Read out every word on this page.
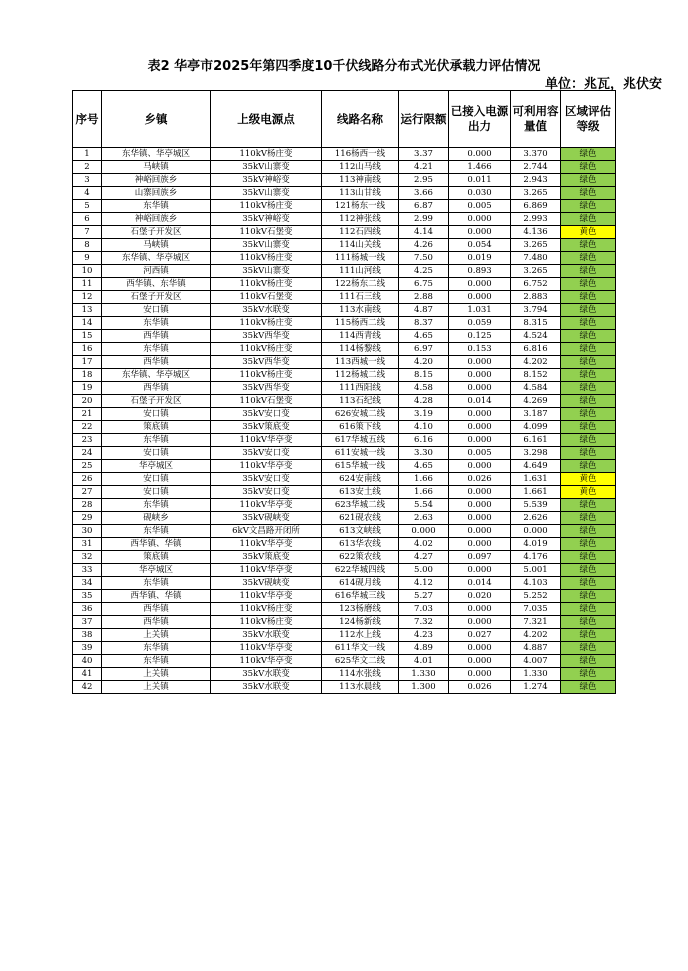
表2 华亭市2025年第四季度10千伏线路分布式光伏承载力评估情况
单位：兆瓦，兆伏安
序号	乡镇	上级电源点	线路名称	运行限额	已接入电源出力	可利用容量值	区域评估等级
1	东华镇、华亭城区	110kV杨庄变	116杨西一线	3.37	0.000	3.370	绿色
2	马峡镇	35kV山寨变	112山马线	4.21	1.466	2.744	绿色
3	神峪回族乡	35kV神峪变	113神南线	2.95	0.011	2.943	绿色
4	山寨回族乡	35kV山寨变	113山甘线	3.66	0.030	3.265	绿色
5	东华镇	110kV杨庄变	121杨东一线	6.87	0.005	6.869	绿色
6	神峪回族乡	35kV神峪变	112神张线	2.99	0.000	2.993	绿色
7	石堡子开发区	110kV石堡变	112石四线	4.14	0.000	4.136	黄色
8	马峡镇	35kV山寨变	114山关线	4.26	0.054	3.265	绿色
9	东华镇、华亭城区	110kV杨庄变	111杨城一线	7.50	0.019	7.480	绿色
10	河西镇	35kV山寨变	111山河线	4.25	0.893	3.265	绿色
11	西华镇、东华镇	110kV杨庄变	122杨东二线	6.75	0.000	6.752	绿色
12	石堡子开发区	110kV石堡变	111石三线	2.88	0.000	2.883	绿色
13	安口镇	35kV水联变	113水南线	4.87	1.031	3.794	绿色
14	东华镇	110kV杨庄变	115杨西二线	8.37	0.059	8.315	绿色
15	西华镇	35kV西华变	114西青线	4.65	0.125	4.524	绿色
16	东华镇	110kV杨庄变	114杨黎线	6.97	0.153	6.816	绿色
17	西华镇	35kV西华变	113西城一线	4.20	0.000	4.202	绿色
18	东华镇、华亭城区	110kV杨庄变	112杨城二线	8.15	0.000	8.152	绿色
19	西华镇	35kV西华变	111西阳线	4.58	0.000	4.584	绿色
20	石堡子开发区	110kV石堡变	113石纪线	4.28	0.014	4.269	绿色
21	安口镇	35kV安口变	626安城二线	3.19	0.000	3.187	绿色
22	策底镇	35kV策底变	616策下线	4.10	0.000	4.099	绿色
23	东华镇	110kV华亭变	617华城五线	6.16	0.000	6.161	绿色
24	安口镇	35kV安口变	611安城一线	3.30	0.005	3.298	绿色
25	华亭城区	110kV华亭变	615华城一线	4.65	0.000	4.649	绿色
26	安口镇	35kV安口变	624安南线	1.66	0.026	1.631	黄色
27	安口镇	35kV安口变	613安土线	1.66	0.000	1.661	黄色
28	东华镇	110kV华亭变	623华城二线	5.54	0.000	5.539	绿色
29	砚峡乡	35kV砚峡变	621砚农线	2.63	0.000	2.626	绿色
30	东华镇	6kV文昌路开闭所	613文峡线	0.000	0.000	0.000	绿色
31	西华镇、华镇	110kV华亭变	613华农线	4.02	0.000	4.019	绿色
32	策底镇	35kV策底变	622策农线	4.27	0.097	4.176	绿色
33	华亭城区	110kV华亭变	622华城四线	5.00	0.000	5.001	绿色
34	东华镇	35kV砚峡变	614砚月线	4.12	0.014	4.103	绿色
35	西华镇、华镇	110kV华亭变	616华城三线	5.27	0.020	5.252	绿色
36	西华镇	110kV杨庄变	123杨磨线	7.03	0.000	7.035	绿色
37	西华镇	110kV杨庄变	124杨新线	7.32	0.000	7.321	绿色
38	上关镇	35kV水联变	112水上线	4.23	0.027	4.202	绿色
39	东华镇	110kV华亭变	611华文一线	4.89	0.000	4.887	绿色
40	东华镇	110kV华亭变	625华文二线	4.01	0.000	4.007	绿色
41	上关镇	35kV水联变	114水张线	1.330	0.000	1.330	绿色
42	上关镇	35kV水联变	113水晨线	1.300	0.026	1.274	绿色
